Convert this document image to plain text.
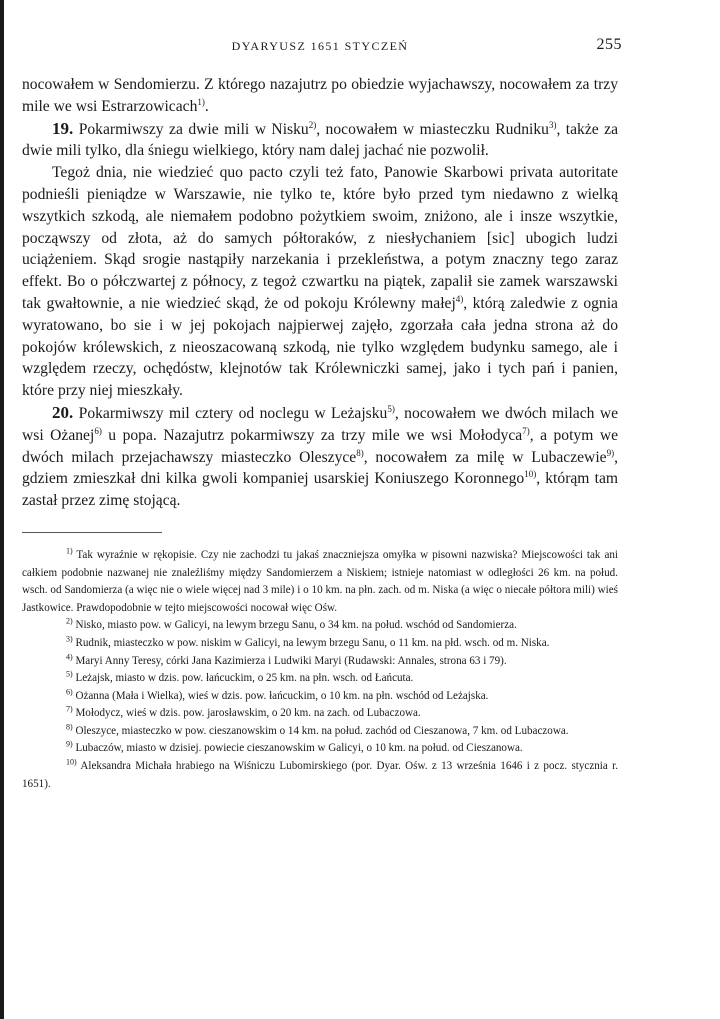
DYARYUSZ 1651 STYCZEŃ	255

nocowałem w Sendomierzu. Z którego nazajutrz po obiedzie wyjachawszy, nocowałem za trzy mile we wsi Estrarzowicach$^{1)}$.

19. Pokarmiwszy za dwie mili w Nisku$^{2)}$, nocowałem w miasteczku Rudniku$^{3)}$, także za dwie mili tylko, dla śniegu wielkiego, który nam dalej jachać nie pozwolił.

Tegoż dnia, nie wiedzieć quo pacto czyli też fato, Panowie Skarbowi privata autoritate podnieśli pieniądze w Warszawie, nie tylko te, które było przed tym niedawno z wielką wszytkich szkodą, ale niemałem podobno pożytkiem swoim, zniżono, ale i insze wszytkie, począwszy od złota, aż do samych półtoraków, z niesłychaniem [sic] ubogich ludzi uciążeniem. Skąd srogie nastąpiły narzekania i przekleństwa, a potym znaczny tego zaraz effekt. Bo o półczwartej z północy, z tegoż czwartku na piątek, zapalił sie zamek warszawski tak gwałtownie, a nie wiedzieć skąd, że od pokoju Królewny małej$^{4)}$, którą zaledwie z ognia wyratowano, bo sie i w jej pokojach najpierwej zajęło, zgorzała cała jedna strona aż do pokojów królewskich, z nieoszacowaną szkodą, nie tylko względem budynku samego, ale i względem rzeczy, ochędóstw, klejnotów tak Królewniczki samej, jako i tych pań i panien, które przy niej mieszkały.

20. Pokarmiwszy mil cztery od noclegu w Leżajsku$^{5)}$, nocowałem we dwóch milach we wsi Ożanej$^{6)}$ u popa. Nazajutrz pokarmiwszy za trzy mile we wsi Mołodyca$^{7)}$, a potym we dwóch milach przejachawszy miasteczko Oleszyce$^{8)}$, nocowałem za milę w Lubaczewie$^{9)}$, gdziem zmieszkał dni kilka gwoli kompaniej usarskiej Koniuszego Koronnego$^{10)}$, którąm tam zastał przez zimę stojącą.

$^{1)}$ Tak wyraźnie w rękopisie. Czy nie zachodzi tu jakaś znaczniejsza omyłka w pisowni nazwiska? Miejscowości tak ani całkiem podobnie nazwanej nie znaleźliśmy między Sandomierzem a Niskiem; istnieje natomiast w odległości 26 km. na połud. wsch. od Sandomierza (a więc nie o wiele więcej nad 3 mile) i o 10 km. na płn. zach. od m. Niska (a więc o niecałe półtora mili) wieś Jastkowice. Prawdopodobnie w tejto miejscowości nocował więc Ośw.

$^{2)}$ Nisko, miasto pow. w Galicyi, na lewym brzegu Sanu, o 34 km. na połud. wschód od Sandomierza.

$^{3)}$ Rudnik, miasteczko w pow. niskim w Galicyi, na lewym brzegu Sanu, o 11 km. na płd. wsch. od m. Niska.

$^{4)}$ Maryi Anny Teresy, córki Jana Kazimierza i Ludwiki Maryi (Rudawski: Annales, strona 63 i 79).

$^{5)}$ Leżajsk, miasto w dzis. pow. łańcuckim, o 25 km. na płn. wsch. od Łańcuta.

$^{6)}$ Ożanna (Mała i Wielka), wieś w dzis. pow. łańcuckim, o 10 km. na płn. wschód od Leżajska.

$^{7)}$ Mołodycz, wieś w dzis. pow. jarosławskim, o 20 km. na zach. od Lubaczowa.

$^{8)}$ Oleszyce, miasteczko w pow. cieszanowskim o 14 km. na połud. zachód od Cieszanowa, 7 km. od Lubaczowa.

$^{9)}$ Lubaczów, miasto w dzisiej. powiecie cieszanowskim w Galicyi, o 10 km. na połud. od Cieszanowa.

$^{10)}$ Aleksandra Michała hrabiego na Wiśniczu Lubomirskiego (por. Dyar. Ośw. z 13 września 1646 i z pocz. stycznia r. 1651).
